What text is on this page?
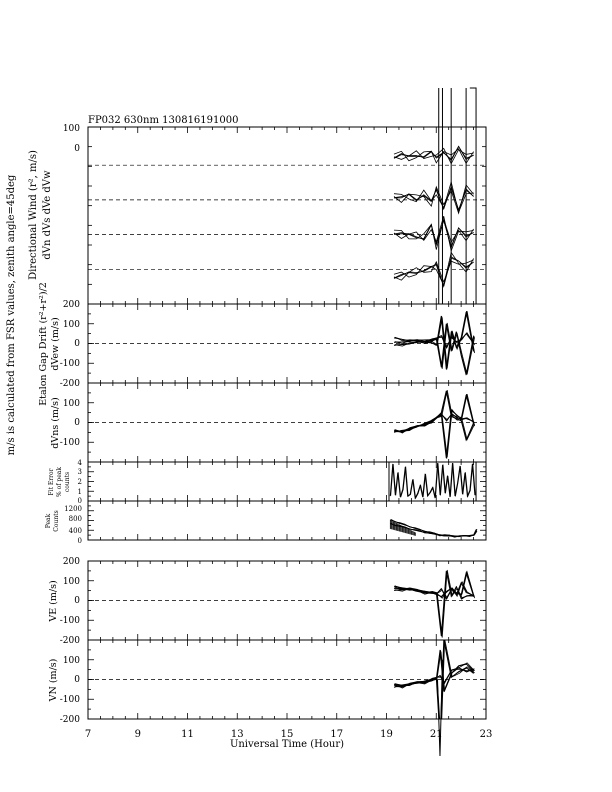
FP032 630nm 130816191000
m/s is calculated from FSR values, zenith angle=45deg	dVn dVs dVe dVw
Directional Wind (r², m/s)
100
0
dVew (m/s)
Etalon Gap Drift (r²+r²)/2 200
100
0
-100
-200
dVns (m/s) 100
0
-100
Fit Error % of peak counts
4
3
2
1
0
Peak Counts
1200
800
400
0
VE (m/s)
200
100
0
-100
-200
VN (m/s) 100
0
-100
-200
7	9	11	13	15	17	19	21	23
Universal Time (Hour)
